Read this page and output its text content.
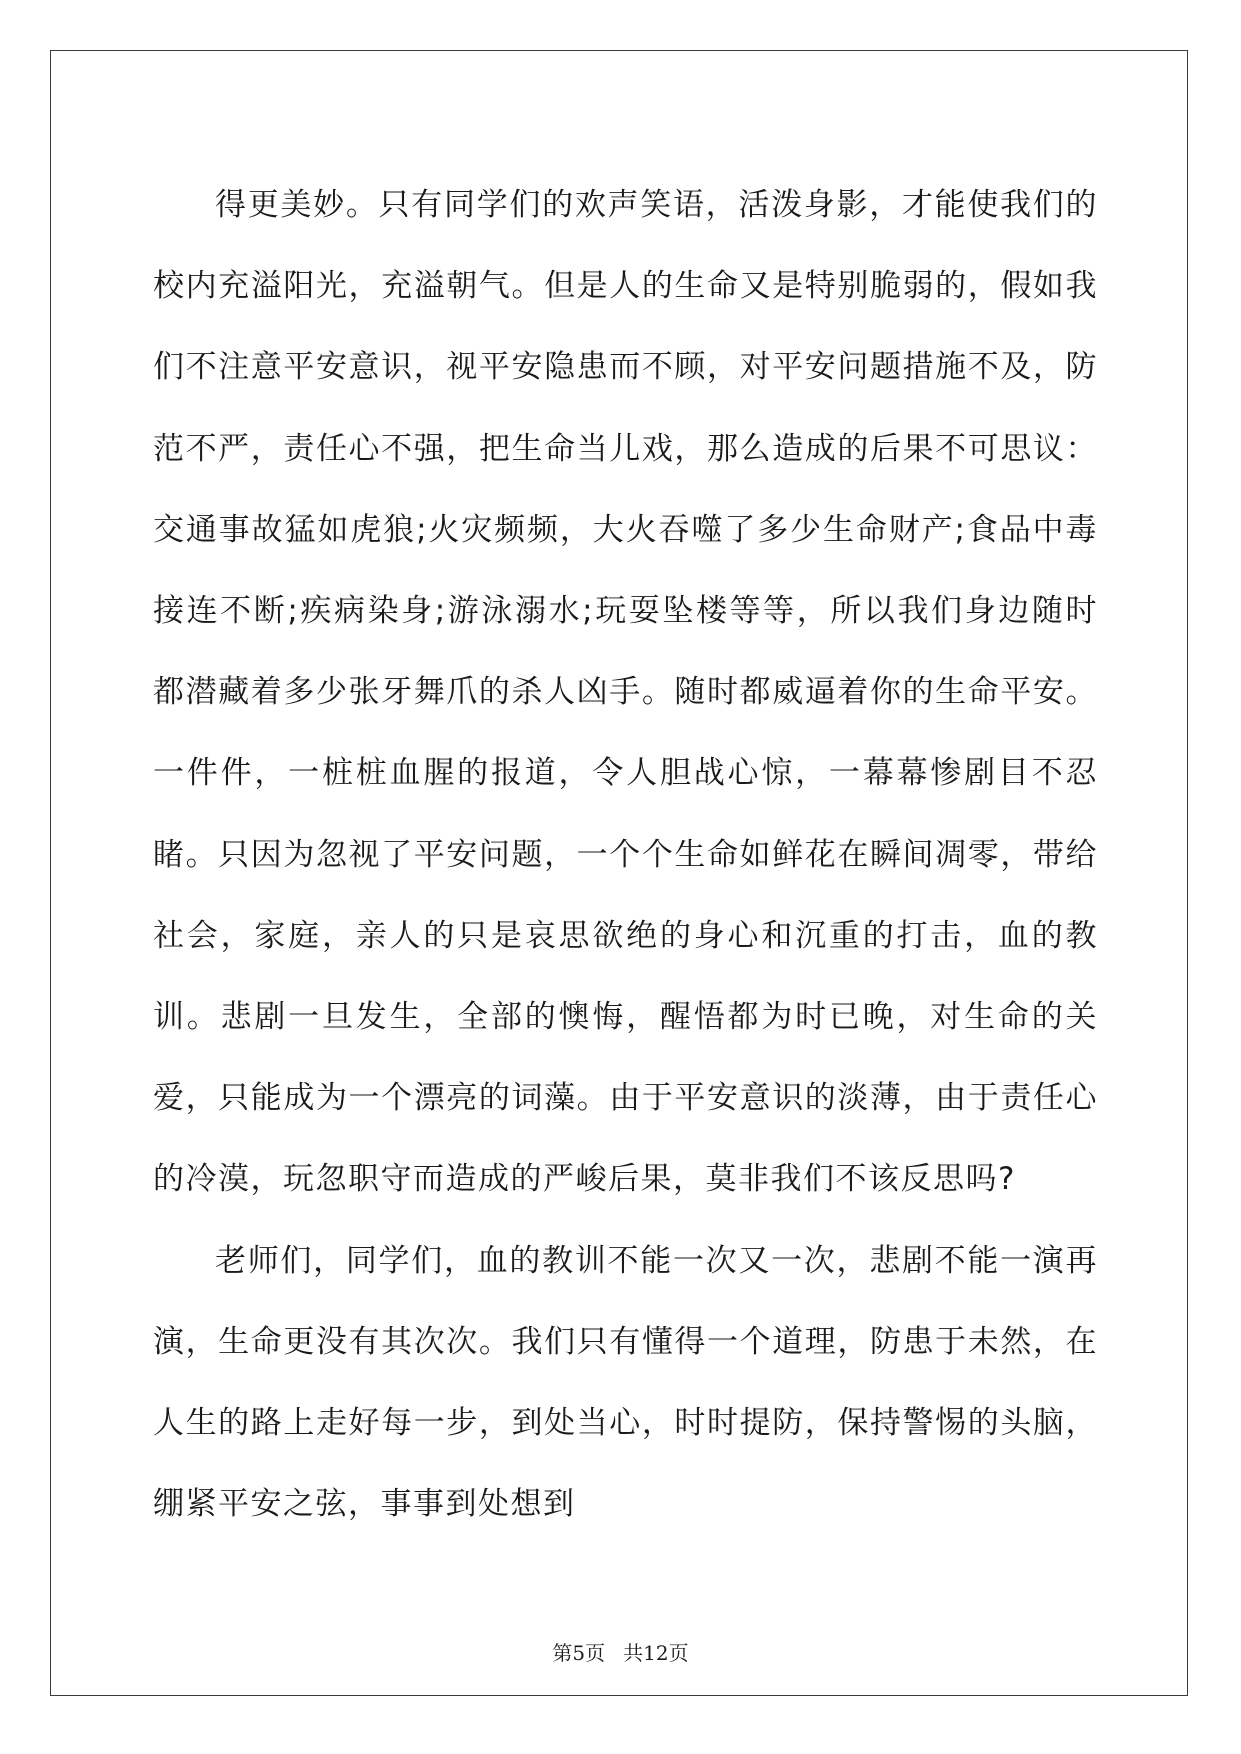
得更美妙。只有同学们的欢声笑语，活泼身影，才能使我们的校内充溢阳光，充溢朝气。但是人的生命又是特别脆弱的，假如我们不注意平安意识，视平安隐患而不顾，对平安问题措施不及，防范不严，责任心不强，把生命当儿戏，那么造成的后果不可思议：交通事故猛如虎狼;火灾频频，大火吞噬了多少生命财产;食品中毒接连不断;疾病染身;游泳溺水;玩耍坠楼等等，所以我们身边随时都潜藏着多少张牙舞爪的杀人凶手。随时都威逼着你的生命平安。一件件，一桩桩血腥的报道，令人胆战心惊，一幕幕惨剧目不忍睹。只因为忽视了平安问题，一个个生命如鲜花在瞬间凋零，带给社会，家庭，亲人的只是哀思欲绝的身心和沉重的打击，血的教训。悲剧一旦发生，全部的懊悔，醒悟都为时已晚，对生命的关爱，只能成为一个漂亮的词藻。由于平安意识的淡薄，由于责任心的冷漠，玩忽职守而造成的严峻后果，莫非我们不该反思吗?

老师们，同学们，血的教训不能一次又一次，悲剧不能一演再演，生命更没有其次次。我们只有懂得一个道理，防患于未然，在人生的路上走好每一步，到处当心，时时提防，保持警惕的头脑，绷紧平安之弦，事事到处想到

第5页 共12页
